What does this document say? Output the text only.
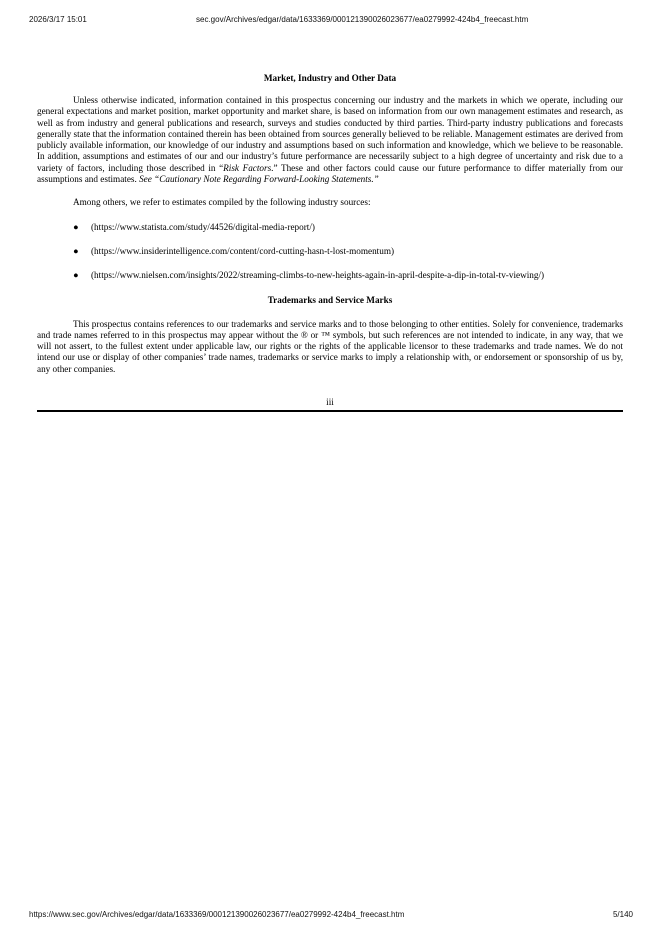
2026/3/17 15:01	sec.gov/Archives/edgar/data/1633369/000121390026023677/ea0279992-424b4_freecast.htm
Market, Industry and Other Data

Unless otherwise indicated, information contained in this prospectus concerning our industry and the markets in which we operate, including our general expectations and market position, market opportunity and market share, is based on information from our own management estimates and research, as well as from industry and general publications and research, surveys and studies conducted by third parties. Third-party industry publications and forecasts generally state that the information contained therein has been obtained from sources generally believed to be reliable. Management estimates are derived from publicly available information, our knowledge of our industry and assumptions based on such information and knowledge, which we believe to be reasonable. In addition, assumptions and estimates of our and our industry’s future performance are necessarily subject to a high degree of uncertainty and risk due to a variety of factors, including those described in “Risk Factors.” These and other factors could cause our future performance to differ materially from our assumptions and estimates. See “Cautionary Note Regarding Forward-Looking Statements.”

Among others, we refer to estimates compiled by the following industry sources:

● (https://www.statista.com/study/44526/digital-media-report/)
● (https://www.insiderintelligence.com/content/cord-cutting-hasn-t-lost-momentum)
● (https://www.nielsen.com/insights/2022/streaming-climbs-to-new-heights-again-in-april-despite-a-dip-in-total-tv-viewing/)
Trademarks and Service Marks

This prospectus contains references to our trademarks and service marks and to those belonging to other entities. Solely for convenience, trademarks and trade names referred to in this prospectus may appear without the ® or ™ symbols, but such references are not intended to indicate, in any way, that we will not assert, to the fullest extent under applicable law, our rights or the rights of the applicable licensor to these trademarks and trade names. We do not intend our use or display of other companies’ trade names, trademarks or service marks to imply a relationship with, or endorsement or sponsorship of us by, any other companies.

iii
https://www.sec.gov/Archives/edgar/data/1633369/000121390026023677/ea0279992-424b4_freecast.htm	5/140
